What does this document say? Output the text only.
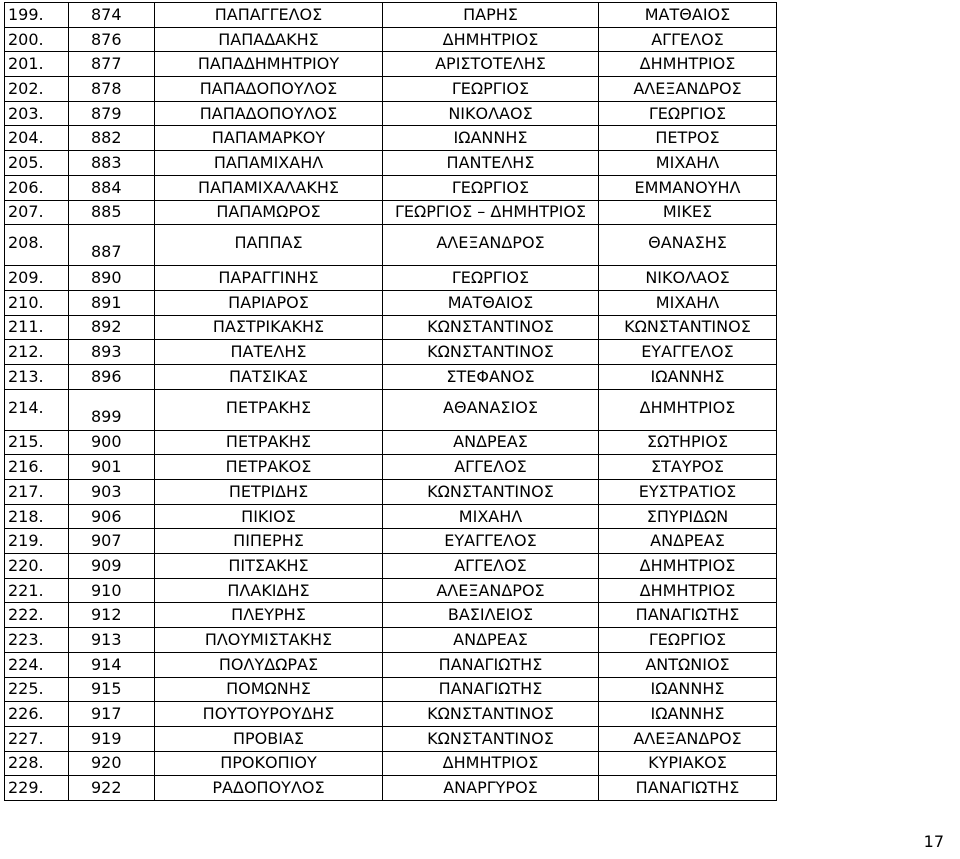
199.	874	ΠΑΠΑΓΓΕΛΟΣ	ΠΑΡΗΣ	ΜΑΤΘΑΙΟΣ
200.	876	ΠΑΠΑΔΑΚΗΣ	ΔΗΜΗΤΡΙΟΣ	ΑΓΓΕΛΟΣ
201.	877	ΠΑΠΑΔΗΜΗΤΡΙΟΥ	ΑΡΙΣΤΟΤΕΛΗΣ	ΔΗΜΗΤΡΙΟΣ
202.	878	ΠΑΠΑΔΟΠΟΥΛΟΣ	ΓΕΩΡΓΙΟΣ	ΑΛΕΞΑΝΔΡΟΣ
203.	879	ΠΑΠΑΔΟΠΟΥΛΟΣ	ΝΙΚΟΛΑΟΣ	ΓΕΩΡΓΙΟΣ
204.	882	ΠΑΠΑΜΑΡΚΟΥ	ΙΩΑΝΝΗΣ	ΠΕΤΡΟΣ
205.	883	ΠΑΠΑΜΙΧΑΗΛ	ΠΑΝΤΕΛΗΣ	ΜΙΧΑΗΛ
206.	884	ΠΑΠΑΜΙΧΑΛΑΚΗΣ	ΓΕΩΡΓΙΟΣ	ΕΜΜΑΝΟΥΗΛ
207.	885	ΠΑΠΑΜΩΡΟΣ	ΓΕΩΡΓΙΟΣ – ΔΗΜΗΤΡΙΟΣ	ΜΙΚΕΣ
208.	887	ΠΑΠΠΑΣ	ΑΛΕΞΑΝΔΡΟΣ	ΘΑΝΑΣΗΣ
209.	890	ΠΑΡΑΓΓΙΝΗΣ	ΓΕΩΡΓΙΟΣ	ΝΙΚΟΛΑΟΣ
210.	891	ΠΑΡΙΑΡΟΣ	ΜΑΤΘΑΙΟΣ	ΜΙΧΑΗΛ
211.	892	ΠΑΣΤΡΙΚΑΚΗΣ	ΚΩΝΣΤΑΝΤΙΝΟΣ	ΚΩΝΣΤΑΝΤΙΝΟΣ
212.	893	ΠΑΤΕΛΗΣ	ΚΩΝΣΤΑΝΤΙΝΟΣ	ΕΥΑΓΓΕΛΟΣ
213.	896	ΠΑΤΣΙΚΑΣ	ΣΤΕΦΑΝΟΣ	ΙΩΑΝΝΗΣ
214.	899	ΠΕΤΡΑΚΗΣ	ΑΘΑΝΑΣΙΟΣ	ΔΗΜΗΤΡΙΟΣ
215.	900	ΠΕΤΡΑΚΗΣ	ΑΝΔΡΕΑΣ	ΣΩΤΗΡΙΟΣ
216.	901	ΠΕΤΡΑΚΟΣ	ΑΓΓΕΛΟΣ	ΣΤΑΥΡΟΣ
217.	903	ΠΕΤΡΙΔΗΣ	ΚΩΝΣΤΑΝΤΙΝΟΣ	ΕΥΣΤΡΑΤΙΟΣ
218.	906	ΠΙΚΙΟΣ	ΜΙΧΑΗΛ	ΣΠΥΡΙΔΩΝ
219.	907	ΠΙΠΕΡΗΣ	ΕΥΑΓΓΕΛΟΣ	ΑΝΔΡΕΑΣ
220.	909	ΠΙΤΣΑΚΗΣ	ΑΓΓΕΛΟΣ	ΔΗΜΗΤΡΙΟΣ
221.	910	ΠΛΑΚΙΔΗΣ	ΑΛΕΞΑΝΔΡΟΣ	ΔΗΜΗΤΡΙΟΣ
222.	912	ΠΛΕΥΡΗΣ	ΒΑΣΙΛΕΙΟΣ	ΠΑΝΑΓΙΩΤΗΣ
223.	913	ΠΛΟΥΜΙΣΤΑΚΗΣ	ΑΝΔΡΕΑΣ	ΓΕΩΡΓΙΟΣ
224.	914	ΠΟΛΥΔΩΡΑΣ	ΠΑΝΑΓΙΩΤΗΣ	ΑΝΤΩΝΙΟΣ
225.	915	ΠΟΜΩΝΗΣ	ΠΑΝΑΓΙΩΤΗΣ	ΙΩΑΝΝΗΣ
226.	917	ΠΟΥΤΟΥΡΟΥΔΗΣ	ΚΩΝΣΤΑΝΤΙΝΟΣ	ΙΩΑΝΝΗΣ
227.	919	ΠΡΟΒΙΑΣ	ΚΩΝΣΤΑΝΤΙΝΟΣ	ΑΛΕΞΑΝΔΡΟΣ
228.	920	ΠΡΟΚΟΠΙΟΥ	ΔΗΜΗΤΡΙΟΣ	ΚΥΡΙΑΚΟΣ
229.	922	ΡΑΔΟΠΟΥΛΟΣ	ΑΝΑΡΓΥΡΟΣ	ΠΑΝΑΓΙΩΤΗΣ
17
